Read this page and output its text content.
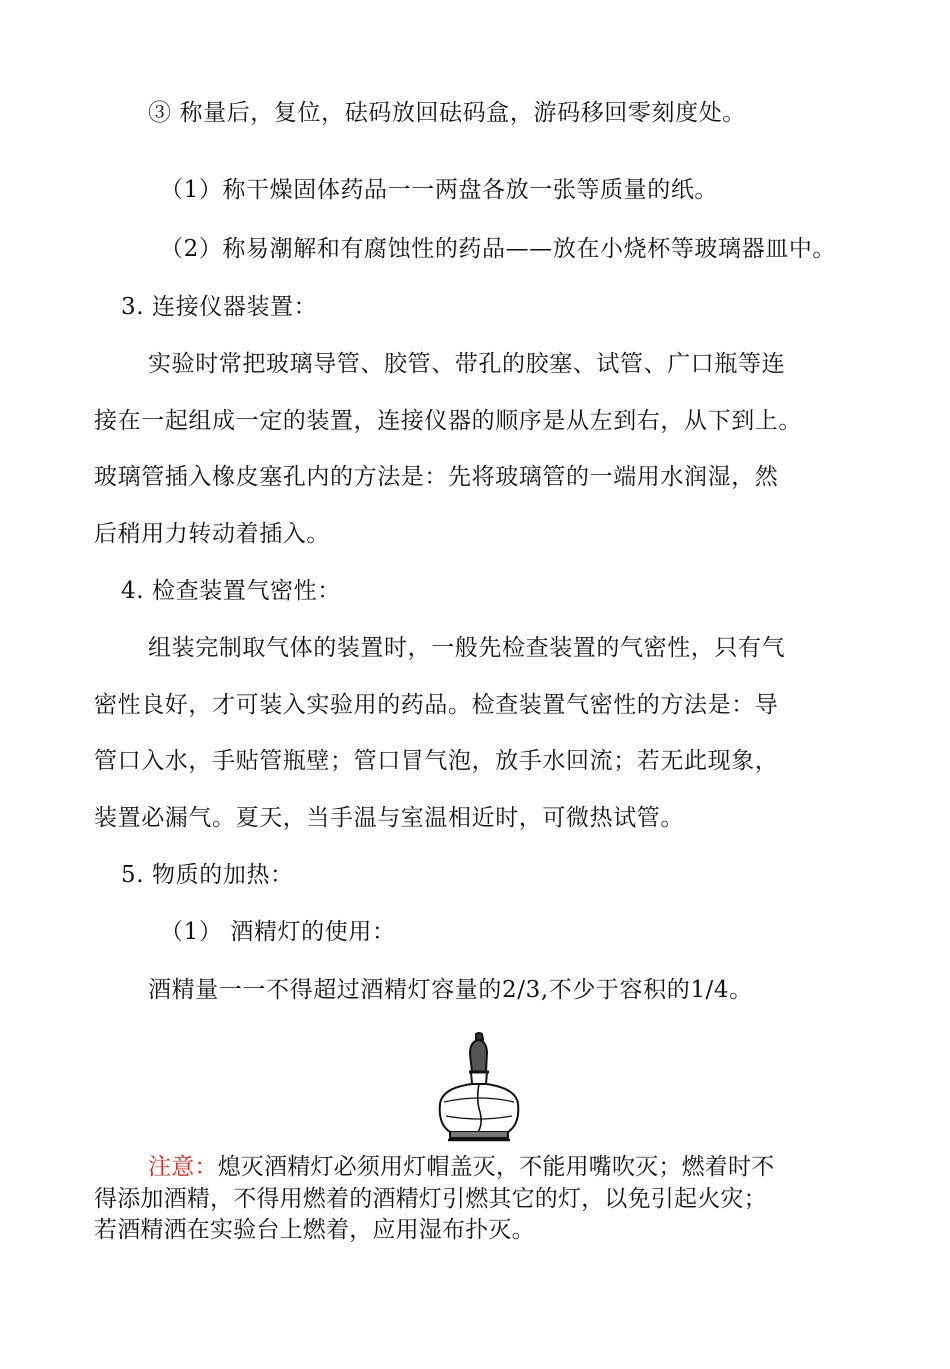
③ 称量后，复位，砝码放回砝码盒，游码移回零刻度处。
（1）称干燥固体药品一一两盘各放一张等质量的纸。
（2）称易潮解和有腐蚀性的药品——放在小烧杯等玻璃器皿中。
3. 连接仪器装置：
实验时常把玻璃导管、胶管、带孔的胶塞、试管、广口瓶等连
接在一起组成一定的装置，连接仪器的顺序是从左到右，从下到上。
玻璃管插入橡皮塞孔内的方法是：先将玻璃管的一端用水润湿，然
后稍用力转动着插入。
4. 检查装置气密性：
组装完制取气体的装置时，一般先检查装置的气密性，只有气
密性良好，才可装入实验用的药品。检查装置气密性的方法是：导
管口入水，手贴管瓶壁；管口冒气泡，放手水回流；若无此现象，
装置必漏气。夏天，当手温与室温相近时，可微热试管。
5. 物质的加热：
（1） 酒精灯的使用：
酒精量一一不得超过酒精灯容量的2/3,不少于容积的1/4。
注意：熄灭酒精灯必须用灯帽盖灭，不能用嘴吹灭；燃着时不
得添加酒精，不得用燃着的酒精灯引燃其它的灯，以免引起火灾；
若酒精洒在实验台上燃着，应用湿布扑灭。
